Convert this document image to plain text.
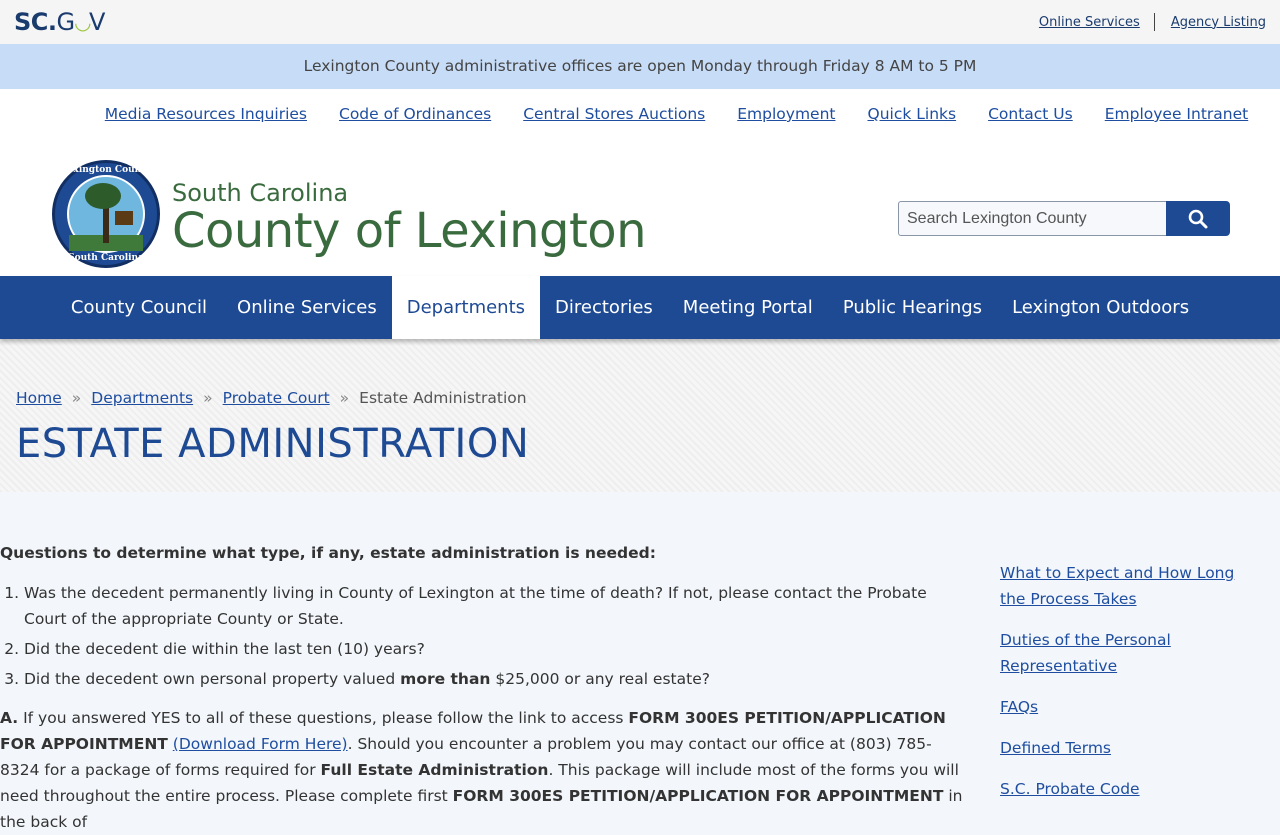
SC. G ◡ V	Online Services Agency Listing
Lexington County administrative offices are open Monday through Friday 8 AM to 5 PM
Media Resources Inquiries Code of Ordinances Central Stores Auctions Employment Quick Links Contact Us Employee Intranet
Lexington County
South Carolina
South Carolina
County of Lexington
Search Lexington County
County Council	Online Services	Departments	Directories	Meeting Portal	Public Hearings	Lexington Outdoors
Home » Departments » Probate Court » Estate Administration
ESTATE ADMINISTRATION

Questions to determine what type, if any, estate administration is needed:

1. Was the decedent permanently living in County of Lexington at the time of death? If not, please contact the Probate Court of the appropriate County or State.
2. Did the decedent die within the last ten (10) years?
3. Did the decedent own personal property valued more than $25,000 or any real estate?

A. If you answered YES to all of these questions, please follow the link to access FORM 300ES PETITION/APPLICATION FOR APPOINTMENT (Download Form Here). Should you encounter a problem you may contact our office at (803) 785-8324 for a package of forms required for Full Estate Administration. This package will include most of the forms you will need throughout the entire process. Please complete first FORM 300ES PETITION/APPLICATION FOR APPOINTMENT in the back of

What to Expect and How Long the Process Takes
Duties of the Personal Representative
FAQs
Defined Terms
S.C. Probate Code
